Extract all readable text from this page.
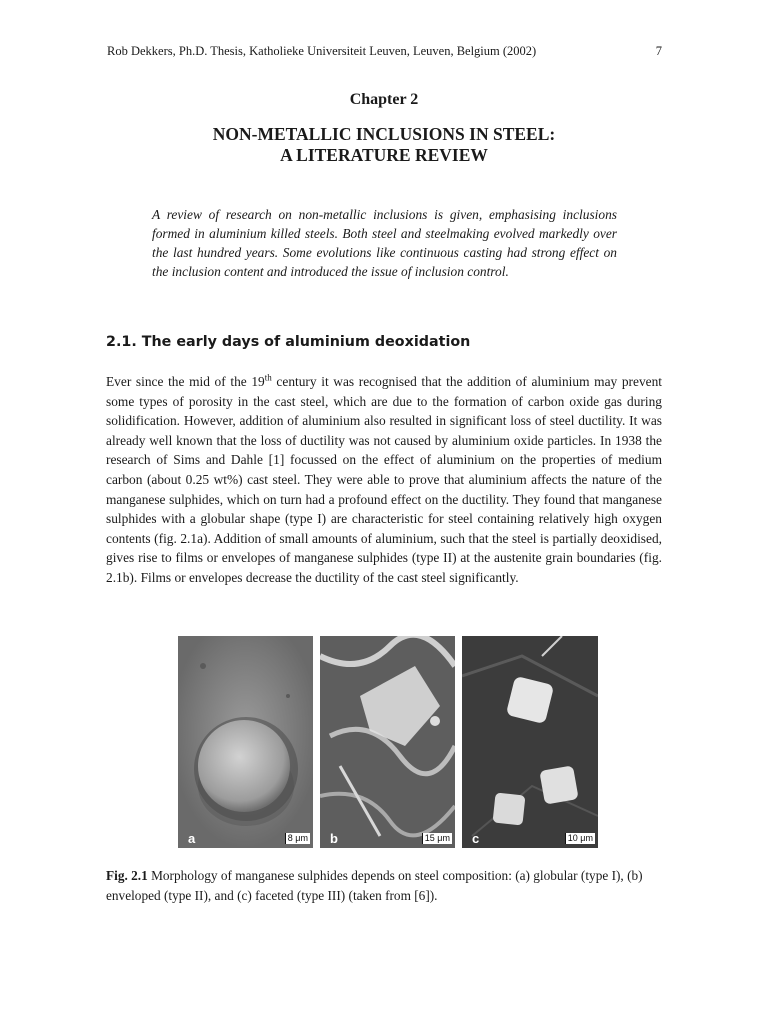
Rob Dekkers, Ph.D. Thesis, Katholieke Universiteit Leuven, Leuven, Belgium (2002)	7
Chapter 2
NON-METALLIC INCLUSIONS IN STEEL:
A LITERATURE REVIEW

A review of research on non-metallic inclusions is given, emphasising inclusions formed in aluminium killed steels. Both steel and steelmaking evolved markedly over the last hundred years. Some evolutions like continuous casting had strong effect on the inclusion content and introduced the issue of inclusion control.

2.1. The early days of aluminium deoxidation

Ever since the mid of the 19th century it was recognised that the addition of aluminium may prevent some types of porosity in the cast steel, which are due to the formation of carbon oxide gas during solidification. However, addition of aluminium also resulted in significant loss of steel ductility. It was already well known that the loss of ductility was not caused by aluminium oxide particles. In 1938 the research of Sims and Dahle [1] focussed on the effect of aluminium on the properties of medium carbon (about 0.25 wt%) cast steel. They were able to prove that aluminium affects the nature of the manganese sulphides, which on turn had a profound effect on the ductility. They found that manganese sulphides with a globular shape (type I) are characteristic for steel containing relatively high oxygen contents (fig. 2.1a). Addition of small amounts of aluminium, such that the steel is partially deoxidised, gives rise to films or envelopes of manganese sulphides (type II) at the austenite grain boundaries (fig. 2.1b). Films or envelopes decrease the ductility of the cast steel significantly.

a	8 μm b	15 μm c	10 μm

Fig. 2.1 Morphology of manganese sulphides depends on steel composition: (a) globular (type I), (b) enveloped (type II), and (c) faceted (type III) (taken from [6]).
